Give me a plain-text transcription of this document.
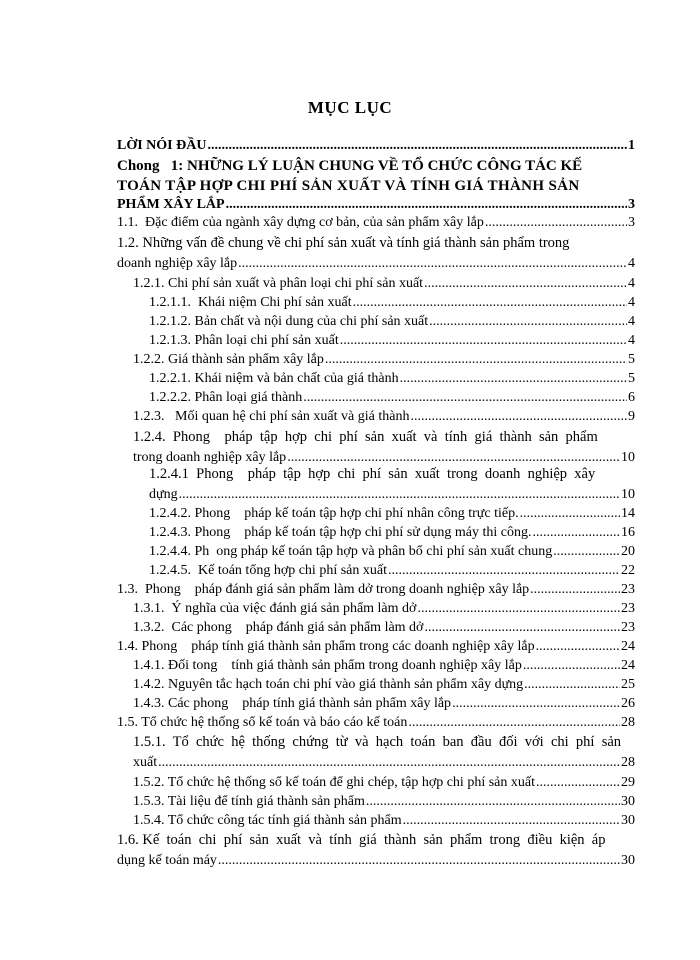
MỤC LỤC
LỜI NÓI ĐẦU .....	1
Chong   1: NHỮNG LÝ LUẬN CHUNG VỀ TỔ CHỨC CÔNG TÁC KẾ
TOÁN TẬP HỢP CHI PHÍ SẢN XUẤT VÀ TÍNH GIÁ THÀNH SẢN
PHẨM XÂY LẮP .....	3
1.1.  Đặc điểm của ngành xây dựng cơ bản, của sản phẩm xây lắp .....	3
1.2. Những vấn đề chung về chi phí sản xuất và tính giá thành sản phẩm trong
doanh nghiệp xây lắp .....	4
1.2.1. Chi phí sản xuất và phân loại chi phí sản xuất .....	4
1.2.1.1.  Khái niệm Chi phí sản xuất .....	4
1.2.1.2. Bản chất và nội dung của chi phí sản xuất .....	4
1.2.1.3. Phân loại chi phí sản xuất .....	4
1.2.2. Giá thành sản phẩm xây lắp .....	5
1.2.2.1. Khái niệm và bản chất của giá thành .....	5
1.2.2.2. Phân loại giá thành .....	6
1.2.3.   Mối quan hệ chi phí sản xuất và giá thành .....	9
1.2.4.  Phong    pháp  tập  hợp  chi  phí  sản  xuất  và  tính  giá  thành  sản  phẩm
trong doanh nghiệp xây lắp .....	10
1.2.4.1  Phong    pháp  tập  hợp  chi  phí  sản  xuất  trong  doanh  nghiệp  xây
dựng .....	10
1.2.4.2. Phong    pháp kế toán tập hợp chi phí nhân công trực tiếp. .....	14
1.2.4.3. Phong    pháp kế toán tập hợp chi phí sử dụng máy thi công. .....	16
1.2.4.4. Ph  ong pháp kế toán tập hợp và phân bổ chi phí sản xuất chung .....	20
1.2.4.5.  Kế toán tổng hợp chi phí sản xuất .....	22
1.3.  Phong    pháp đánh giá sản phẩm làm dở trong doanh nghiệp xây lắp .....	23
1.3.1.  Ý nghĩa của việc đánh giá sản phẩm làm dở .....	23
1.3.2.  Các phong    pháp đánh giá sản phẩm làm dở .....	23
1.4. Phong    pháp tính giá thành sản phẩm trong các doanh nghiệp xây lắp .....	24
1.4.1. Đối tong    tính giá thành sản phẩm trong doanh nghiệp xây lắp .....	24
1.4.2. Nguyên tắc hạch toán chi phí vào giá thành sản phẩm xây dựng .....	25
1.4.3. Các phong    pháp tính giá thành sản phẩm xây lắp .....	26
1.5. Tổ chức hệ thống sổ kế toán và báo cáo kế toán .....	28
1.5.1.  Tổ  chức  hệ  thống  chứng  từ  và  hạch  toán  ban  đầu  đối  với  chi  phí  sản
xuất .....	28
1.5.2. Tổ chức hệ thống sổ kế toán để ghi chép, tập hợp chi phí sản xuất .....	29
1.5.3. Tài liệu để tính giá thành sản phẩm .....	30
1.5.4. Tổ chức công tác tính giá thành sản phẩm .....	30
1.6. Kế  toán  chi  phí  sản  xuất  và  tính  giá  thành  sản  phẩm  trong  điều  kiện  áp
dụng kế toán máy .....	30
